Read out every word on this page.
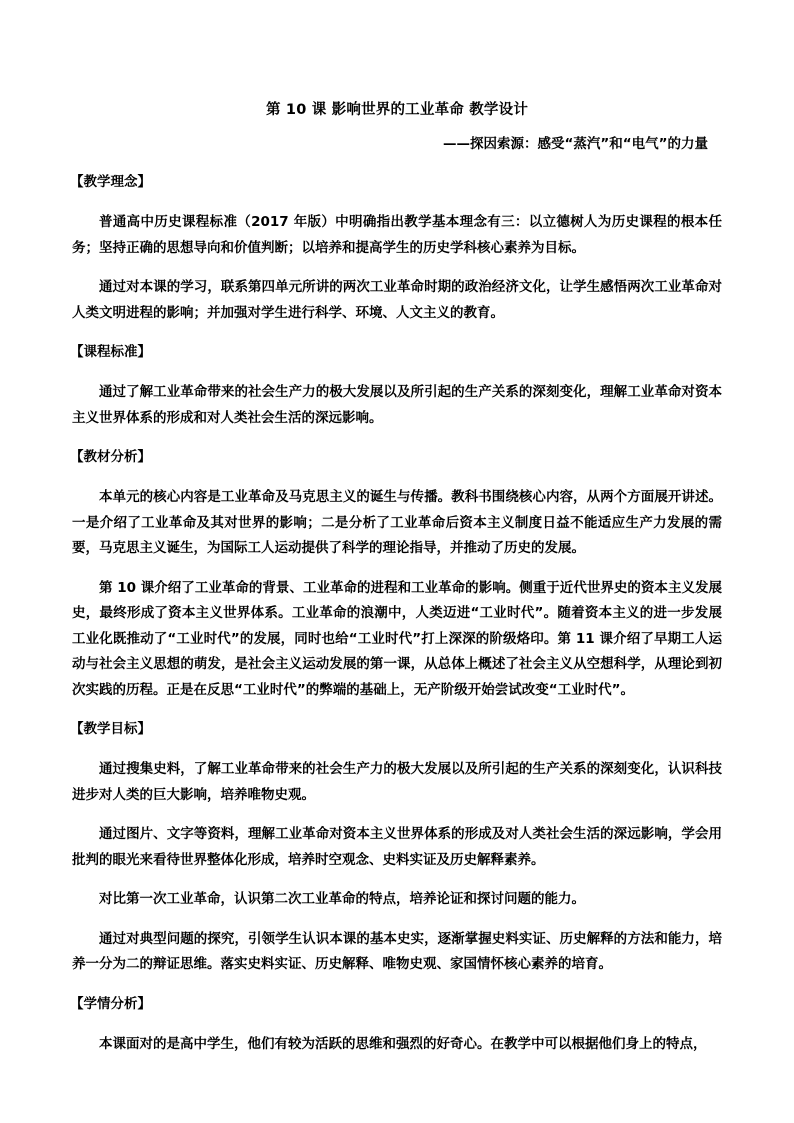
第 10 课 影响世界的工业革命 教学设计
——探因索源：感受“蒸汽”和“电气”的力量
【教学理念】

普通高中历史课程标准（2017 年版）中明确指出教学基本理念有三：以立德树人为历史课程的根本任务；坚持正确的思想导向和价值判断；以培养和提高学生的历史学科核心素养为目标。

通过对本课的学习，联系第四单元所讲的两次工业革命时期的政治经济文化，让学生感悟两次工业革命对人类文明进程的影响；并加强对学生进行科学、环境、人文主义的教育。

【课程标准】

通过了解工业革命带来的社会生产力的极大发展以及所引起的生产关系的深刻变化，理解工业革命对资本主义世界体系的形成和对人类社会生活的深远影响。

【教材分析】

本单元的核心内容是工业革命及马克思主义的诞生与传播。教科书围绕核心内容，从两个方面展开讲述。一是介绍了工业革命及其对世界的影响；二是分析了工业革命后资本主义制度日益不能适应生产力发展的需要，马克思主义诞生，为国际工人运动提供了科学的理论指导，并推动了历史的发展。

第 10 课介绍了工业革命的背景、工业革命的进程和工业革命的影响。侧重于近代世界史的资本主义发展史，最终形成了资本主义世界体系。工业革命的浪潮中，人类迈进“工业时代”。随着资本主义的进一步发展工业化既推动了“工业时代”的发展，同时也给“工业时代”打上深深的阶级烙印。第 11 课介绍了早期工人运动与社会主义思想的萌发，是社会主义运动发展的第一课，从总体上概述了社会主义从空想科学，从理论到初次实践的历程。正是在反思“工业时代”的弊端的基础上，无产阶级开始尝试改变“工业时代”。

【教学目标】

通过搜集史料，了解工业革命带来的社会生产力的极大发展以及所引起的生产关系的深刻变化，认识科技进步对人类的巨大影响，培养唯物史观。

通过图片、文字等资料，理解工业革命对资本主义世界体系的形成及对人类社会生活的深远影响，学会用批判的眼光来看待世界整体化形成，培养时空观念、史料实证及历史解释素养。

对比第一次工业革命，认识第二次工业革命的特点，培养论证和探讨问题的能力。

通过对典型问题的探究，引领学生认识本课的基本史实，逐渐掌握史料实证、历史解释的方法和能力，培养一分为二的辩证思维。落实史料实证、历史解释、唯物史观、家国情怀核心素养的培育。

【学情分析】

本课面对的是高中学生，他们有较为活跃的思维和强烈的好奇心。在教学中可以根据他们身上的特点，
